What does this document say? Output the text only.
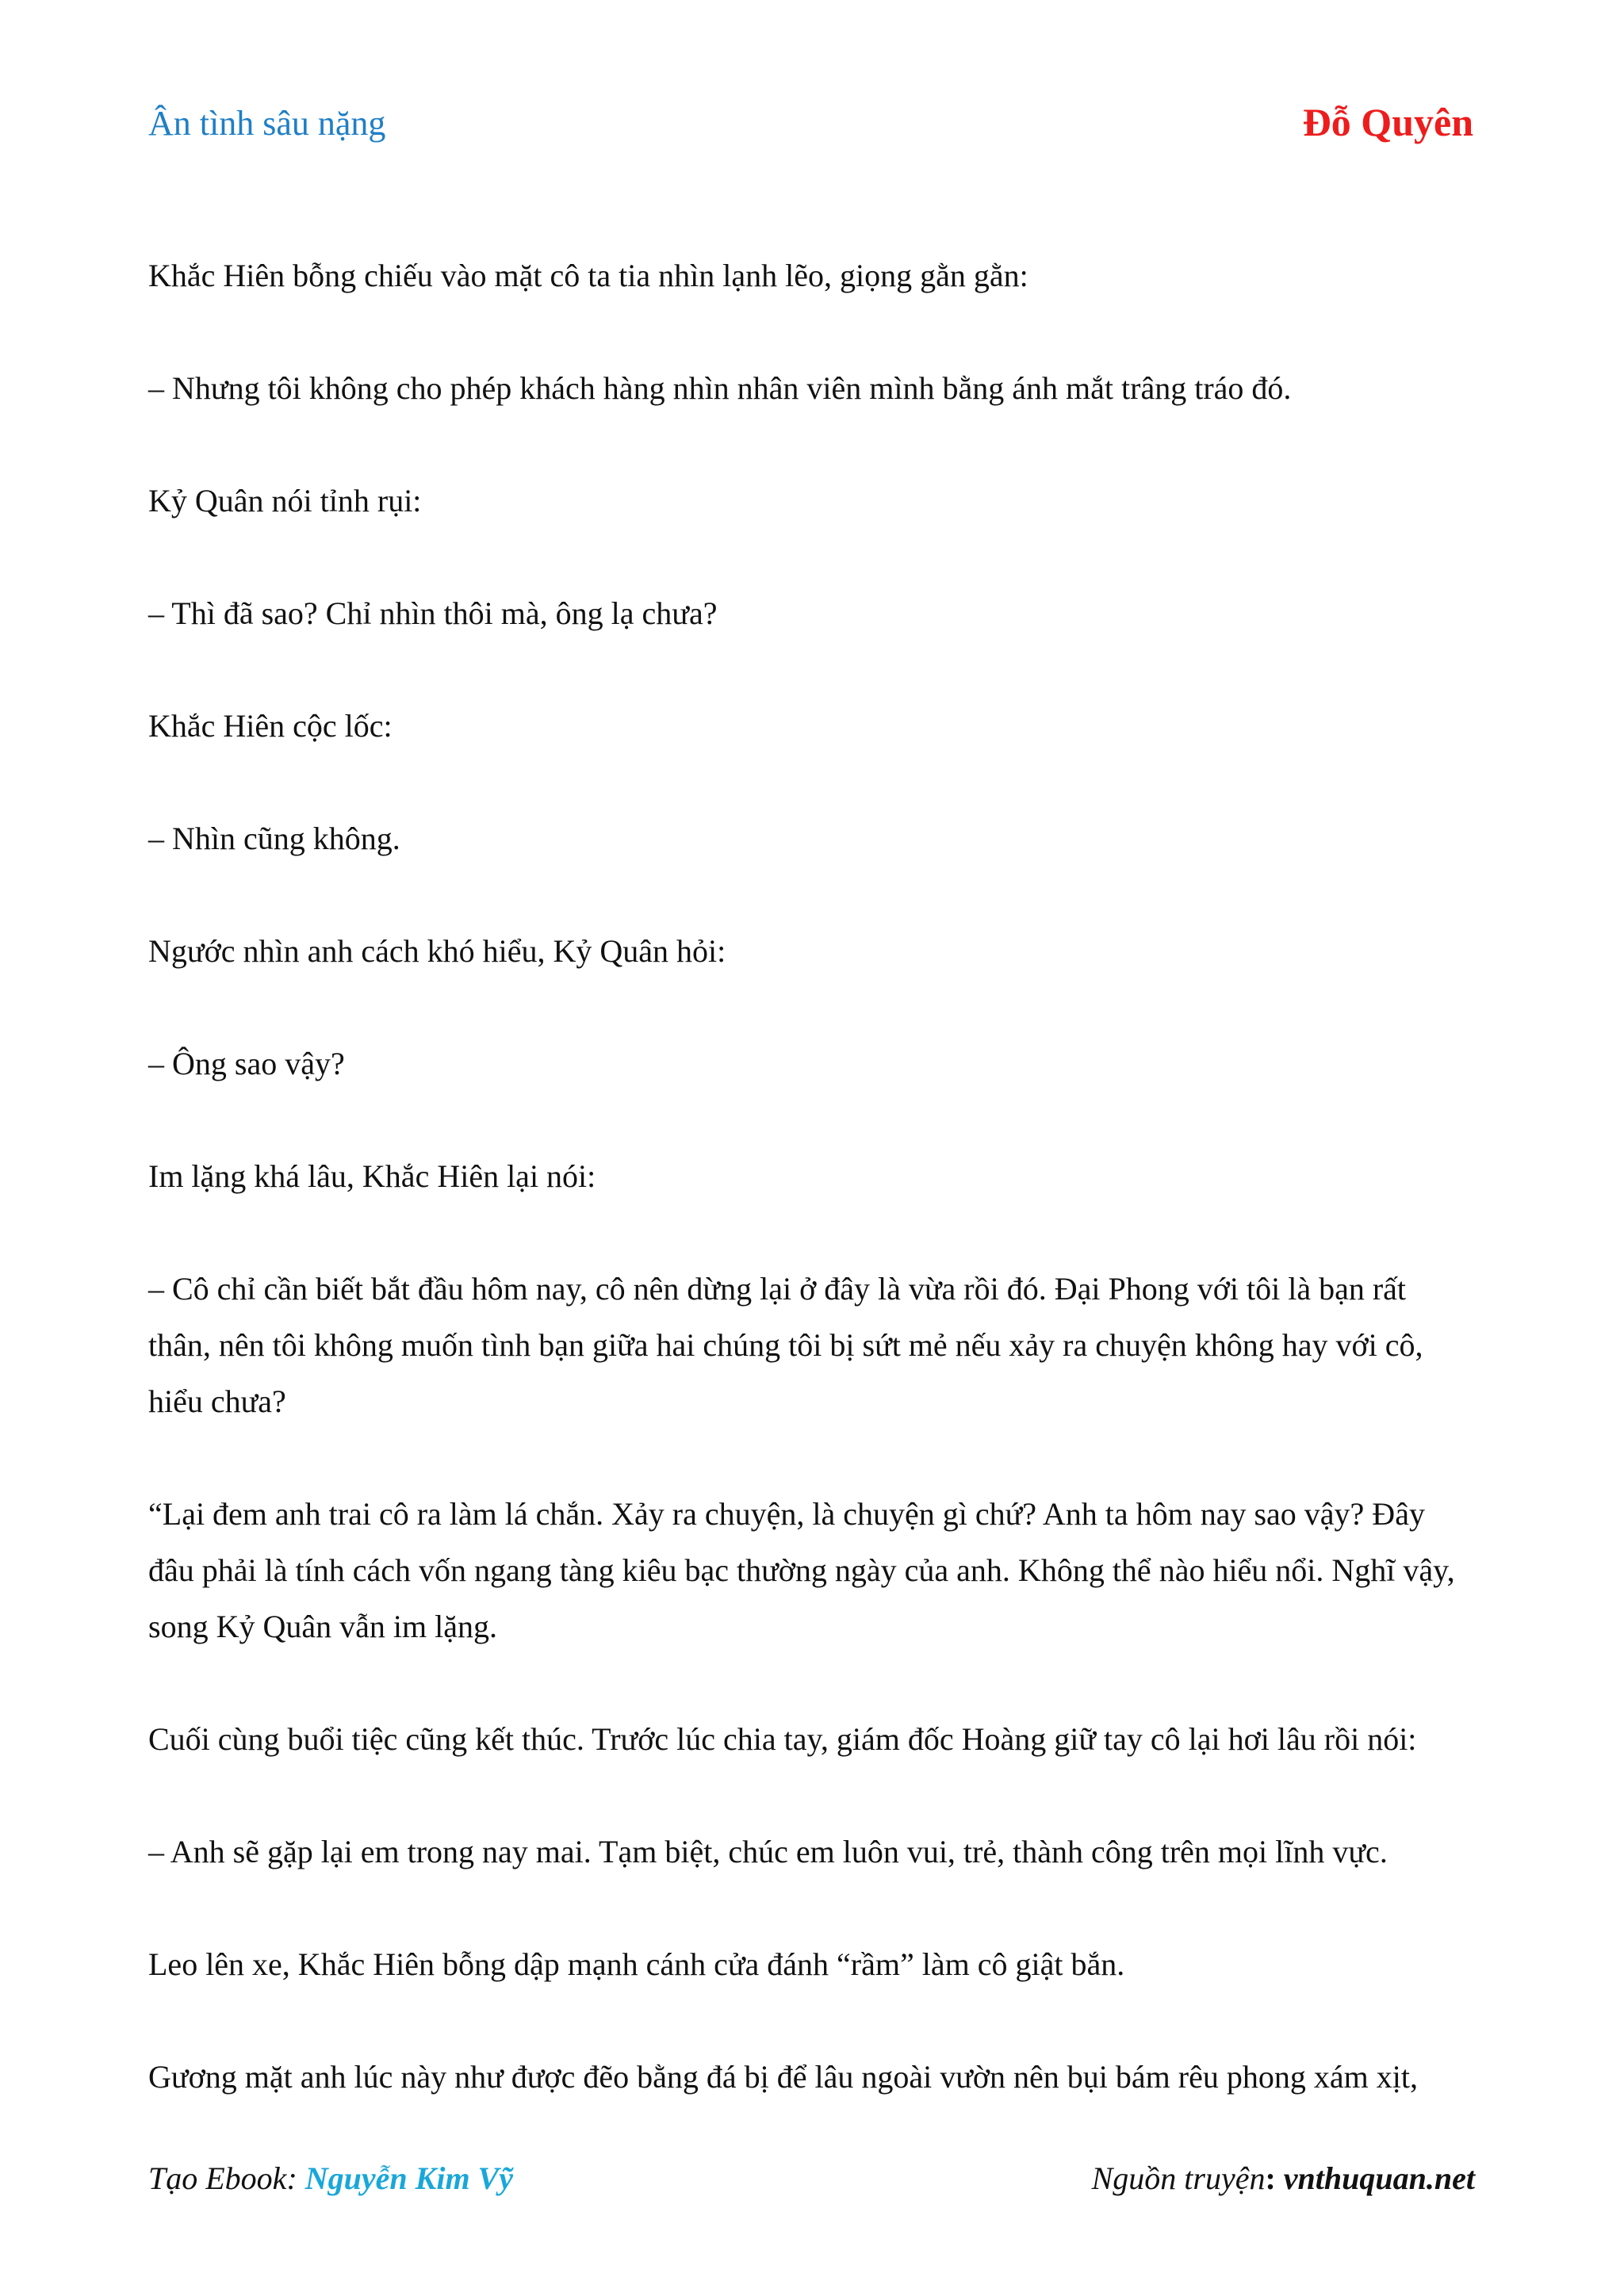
Ân tình sâu nặng	Đỗ Quyên

Khắc Hiên bỗng chiếu vào mặt cô ta tia nhìn lạnh lẽo, giọng gằn gằn:

– Nhưng tôi không cho phép khách hàng nhìn nhân viên mình bằng ánh mắt trâng tráo đó.

Kỷ Quân nói tỉnh rụi:

– Thì đã sao? Chỉ nhìn thôi mà, ông lạ chưa?

Khắc Hiên cộc lốc:

– Nhìn cũng không.

Ngước nhìn anh cách khó hiểu, Kỷ Quân hỏi:

– Ông sao vậy?

Im lặng khá lâu, Khắc Hiên lại nói:

– Cô chỉ cần biết bắt đầu hôm nay, cô nên dừng lại ở đây là vừa rồi đó. Đại Phong với tôi là bạn rất thân, nên tôi không muốn tình bạn giữa hai chúng tôi bị sứt mẻ nếu xảy ra chuyện không hay với cô, hiểu chưa?

“Lại đem anh trai cô ra làm lá chắn. Xảy ra chuyện, là chuyện gì chứ? Anh ta hôm nay sao vậy? Đây đâu phải là tính cách vốn ngang tàng kiêu bạc thường ngày của anh. Không thể nào hiểu nổi. Nghĩ vậy, song Kỷ Quân vẫn im lặng.

Cuối cùng buổi tiệc cũng kết thúc. Trước lúc chia tay, giám đốc Hoàng giữ tay cô lại hơi lâu rồi nói:

– Anh sẽ gặp lại em trong nay mai. Tạm biệt, chúc em luôn vui, trẻ, thành công trên mọi lĩnh vực.

Leo lên xe, Khắc Hiên bỗng dập mạnh cánh cửa đánh “rầm” làm cô giật bắn.

Gương mặt anh lúc này như được đẽo bằng đá bị để lâu ngoài vườn nên bụi bám rêu phong xám xịt,

Tạo Ebook: Nguyễn Kim Vỹ	Nguồn truyện: vnthuquan.net
